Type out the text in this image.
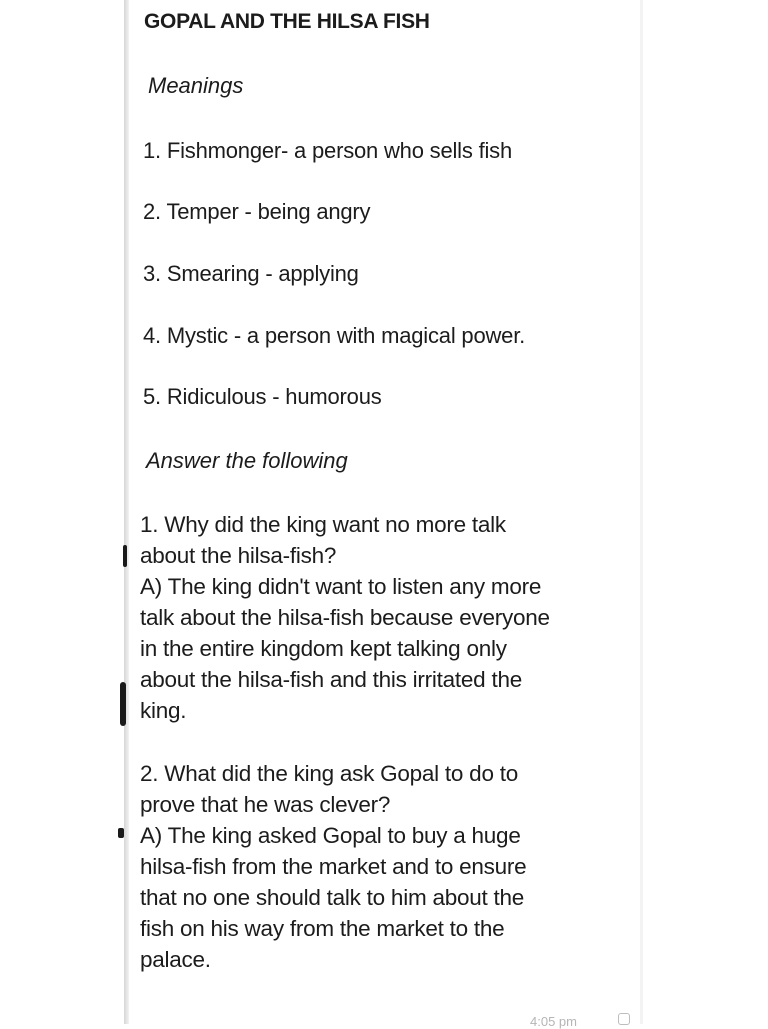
GOPAL AND THE HILSA FISH
Meanings
1. Fishmonger- a person who sells fish
2. Temper - being angry
3. Smearing - applying
4. Mystic - a person with magical power.
5. Ridiculous - humorous
Answer the following

1. Why did the king want no more talk

about the hilsa-fish?

A) The king didn't want to listen any more

talk about the hilsa-fish because everyone

in the entire kingdom kept talking only

about the hilsa-fish and this irritated the

king.

2. What did the king ask Gopal to do to

prove that he was clever?

A) The king asked Gopal to buy a huge

hilsa-fish from the market and to ensure

that no one should talk to him about the

fish on his way from the market to the

palace.

4:05 pm
